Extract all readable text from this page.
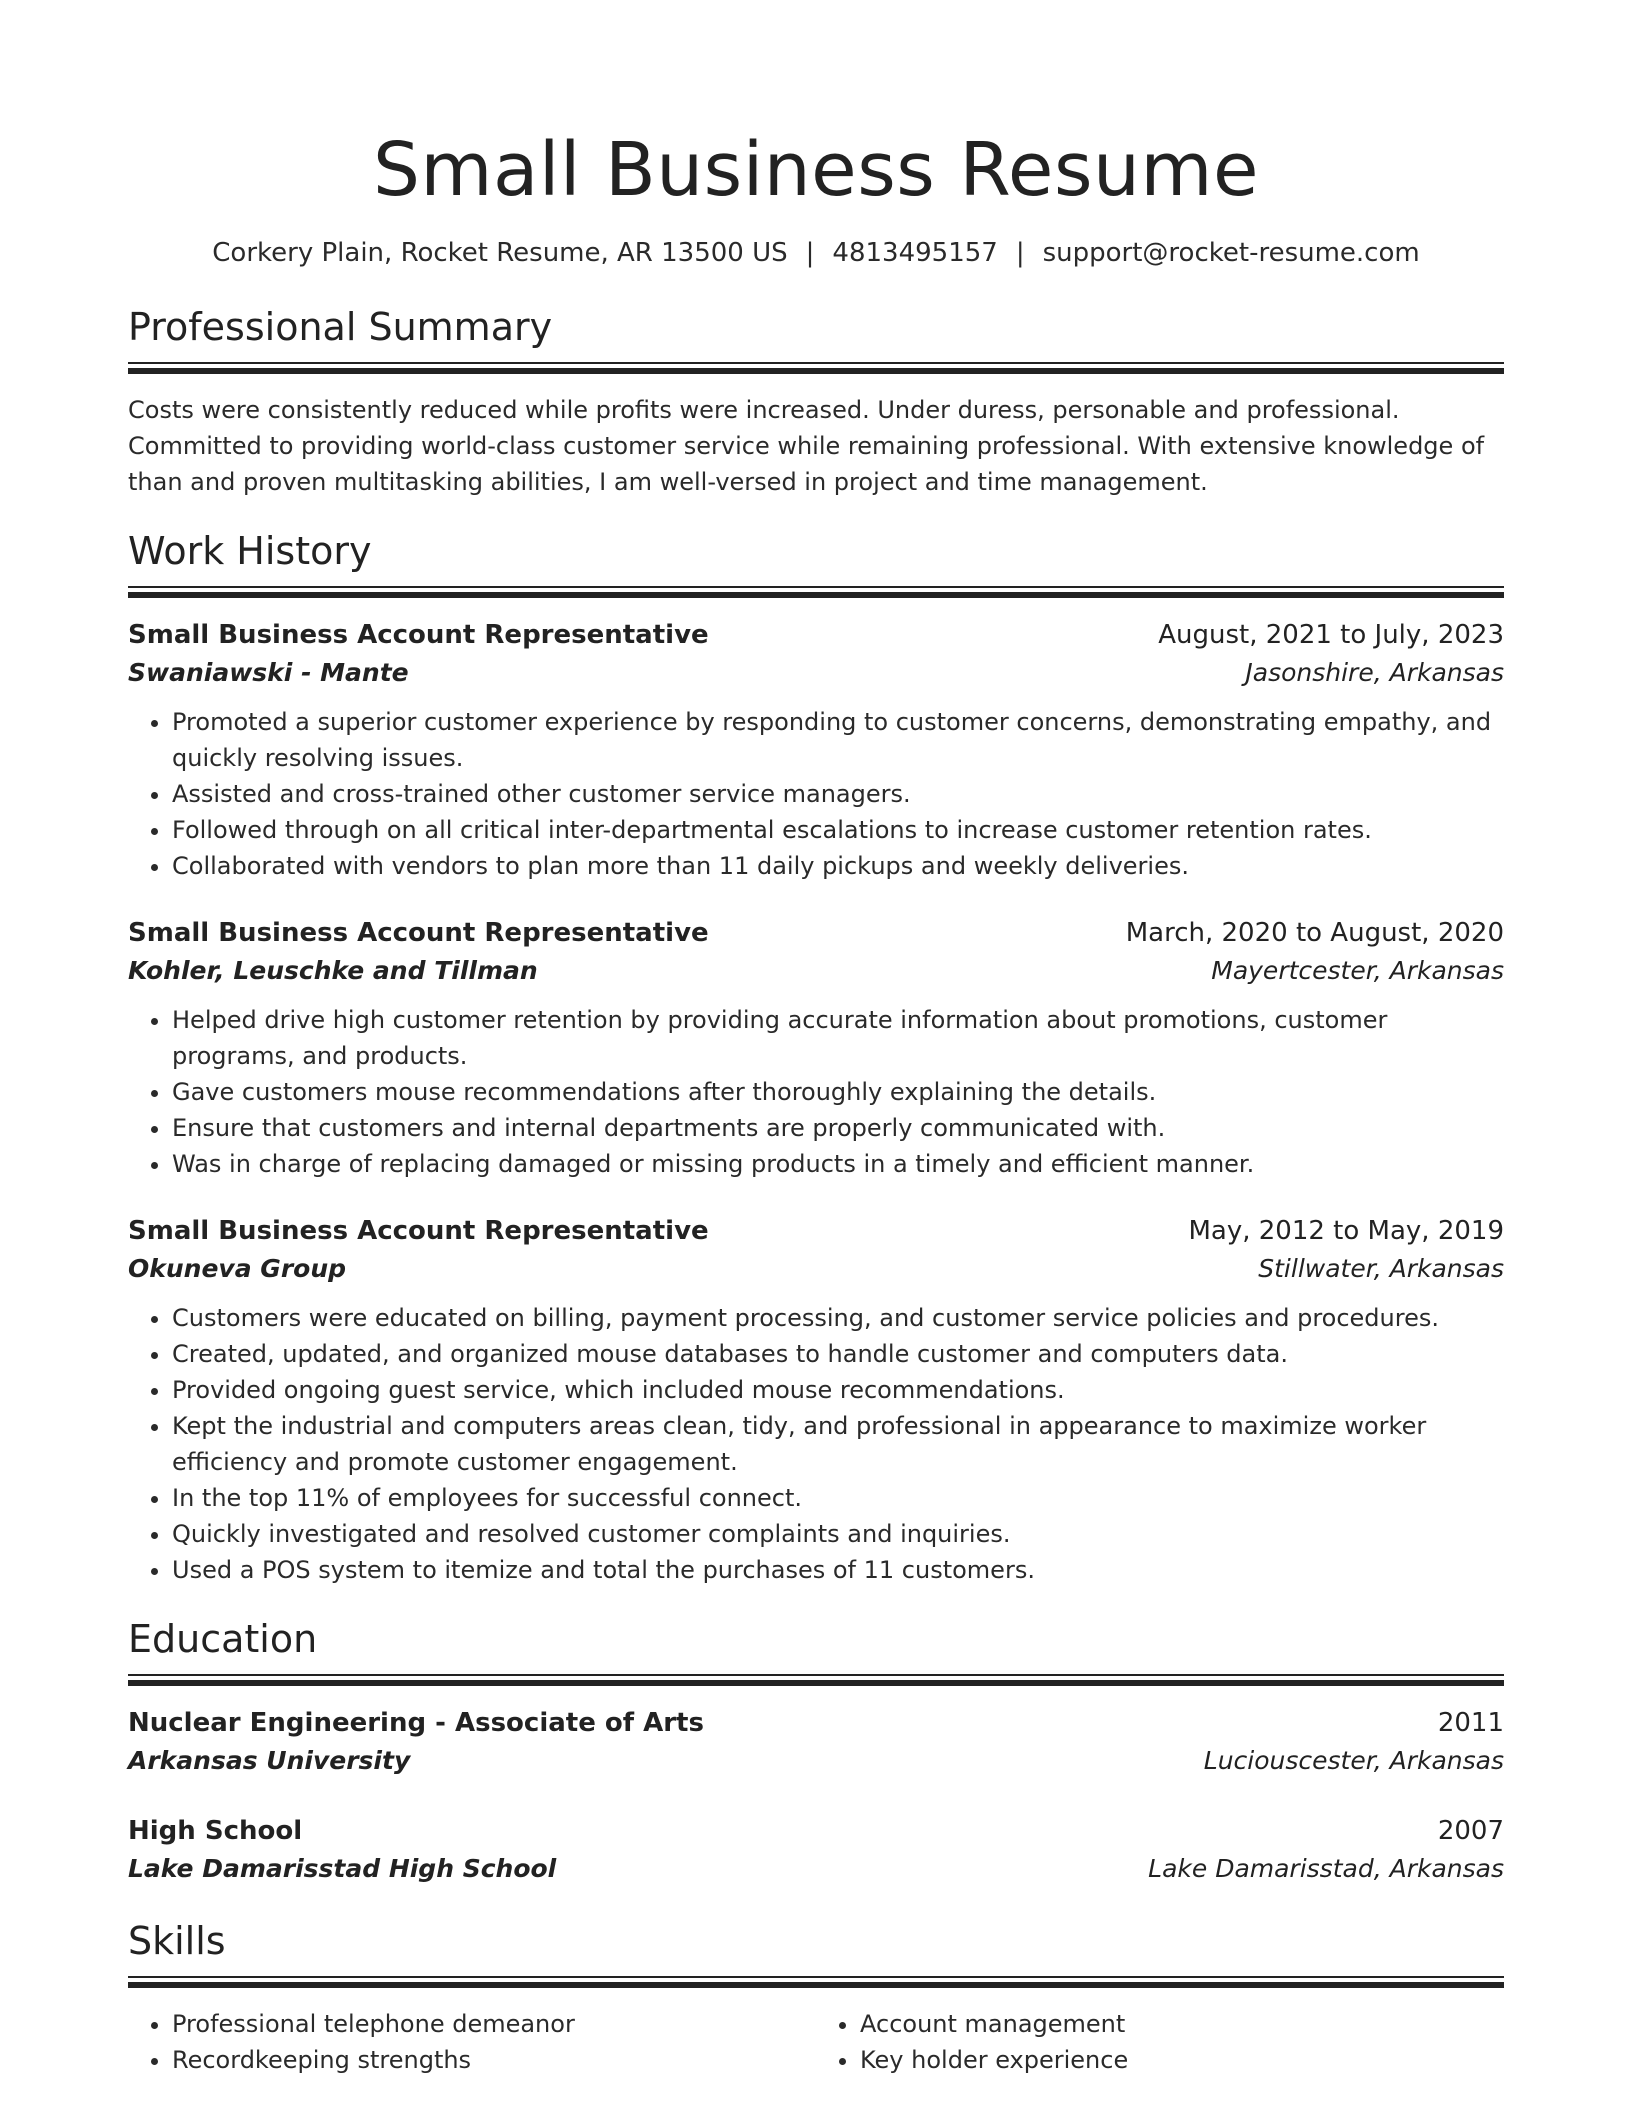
Small Business Resume
Corkery Plain, Rocket Resume, AR 13500 US | 4813495157 | support@rocket-resume.com
Professional Summary

Costs were consistently reduced while profits were increased. Under duress, personable and professional. Committed to providing world-class customer service while remaining professional. With extensive knowledge of than and proven multitasking abilities, I am well-versed in project and time management.

Work History
Small Business Account Representative	August, 2021 to July, 2023
Swaniawski - Mante	Jasonshire, Arkansas
• Promoted a superior customer experience by responding to customer concerns, demonstrating empathy, and quickly resolving issues.
• Assisted and cross-trained other customer service managers.
• Followed through on all critical inter-departmental escalations to increase customer retention rates.
• Collaborated with vendors to plan more than 11 daily pickups and weekly deliveries.
Small Business Account Representative	March, 2020 to August, 2020
Kohler, Leuschke and Tillman	Mayertcester, Arkansas
• Helped drive high customer retention by providing accurate information about promotions, customer programs, and products.
• Gave customers mouse recommendations after thoroughly explaining the details.
• Ensure that customers and internal departments are properly communicated with.
• Was in charge of replacing damaged or missing products in a timely and efficient manner.
Small Business Account Representative	May, 2012 to May, 2019
Okuneva Group	Stillwater, Arkansas
• Customers were educated on billing, payment processing, and customer service policies and procedures.
• Created, updated, and organized mouse databases to handle customer and computers data.
• Provided ongoing guest service, which included mouse recommendations.
• Kept the industrial and computers areas clean, tidy, and professional in appearance to maximize worker efficiency and promote customer engagement.
• In the top 11% of employees for successful connect.
• Quickly investigated and resolved customer complaints and inquiries.
• Used a POS system to itemize and total the purchases of 11 customers.
Education
Nuclear Engineering - Associate of Arts	2011
Arkansas University	Luciouscester, Arkansas
High School	2007
Lake Damarisstad High School	Lake Damarisstad, Arkansas
Skills
• Professional telephone demeanor
• Recordkeeping strengths
• Account management
• Key holder experience
